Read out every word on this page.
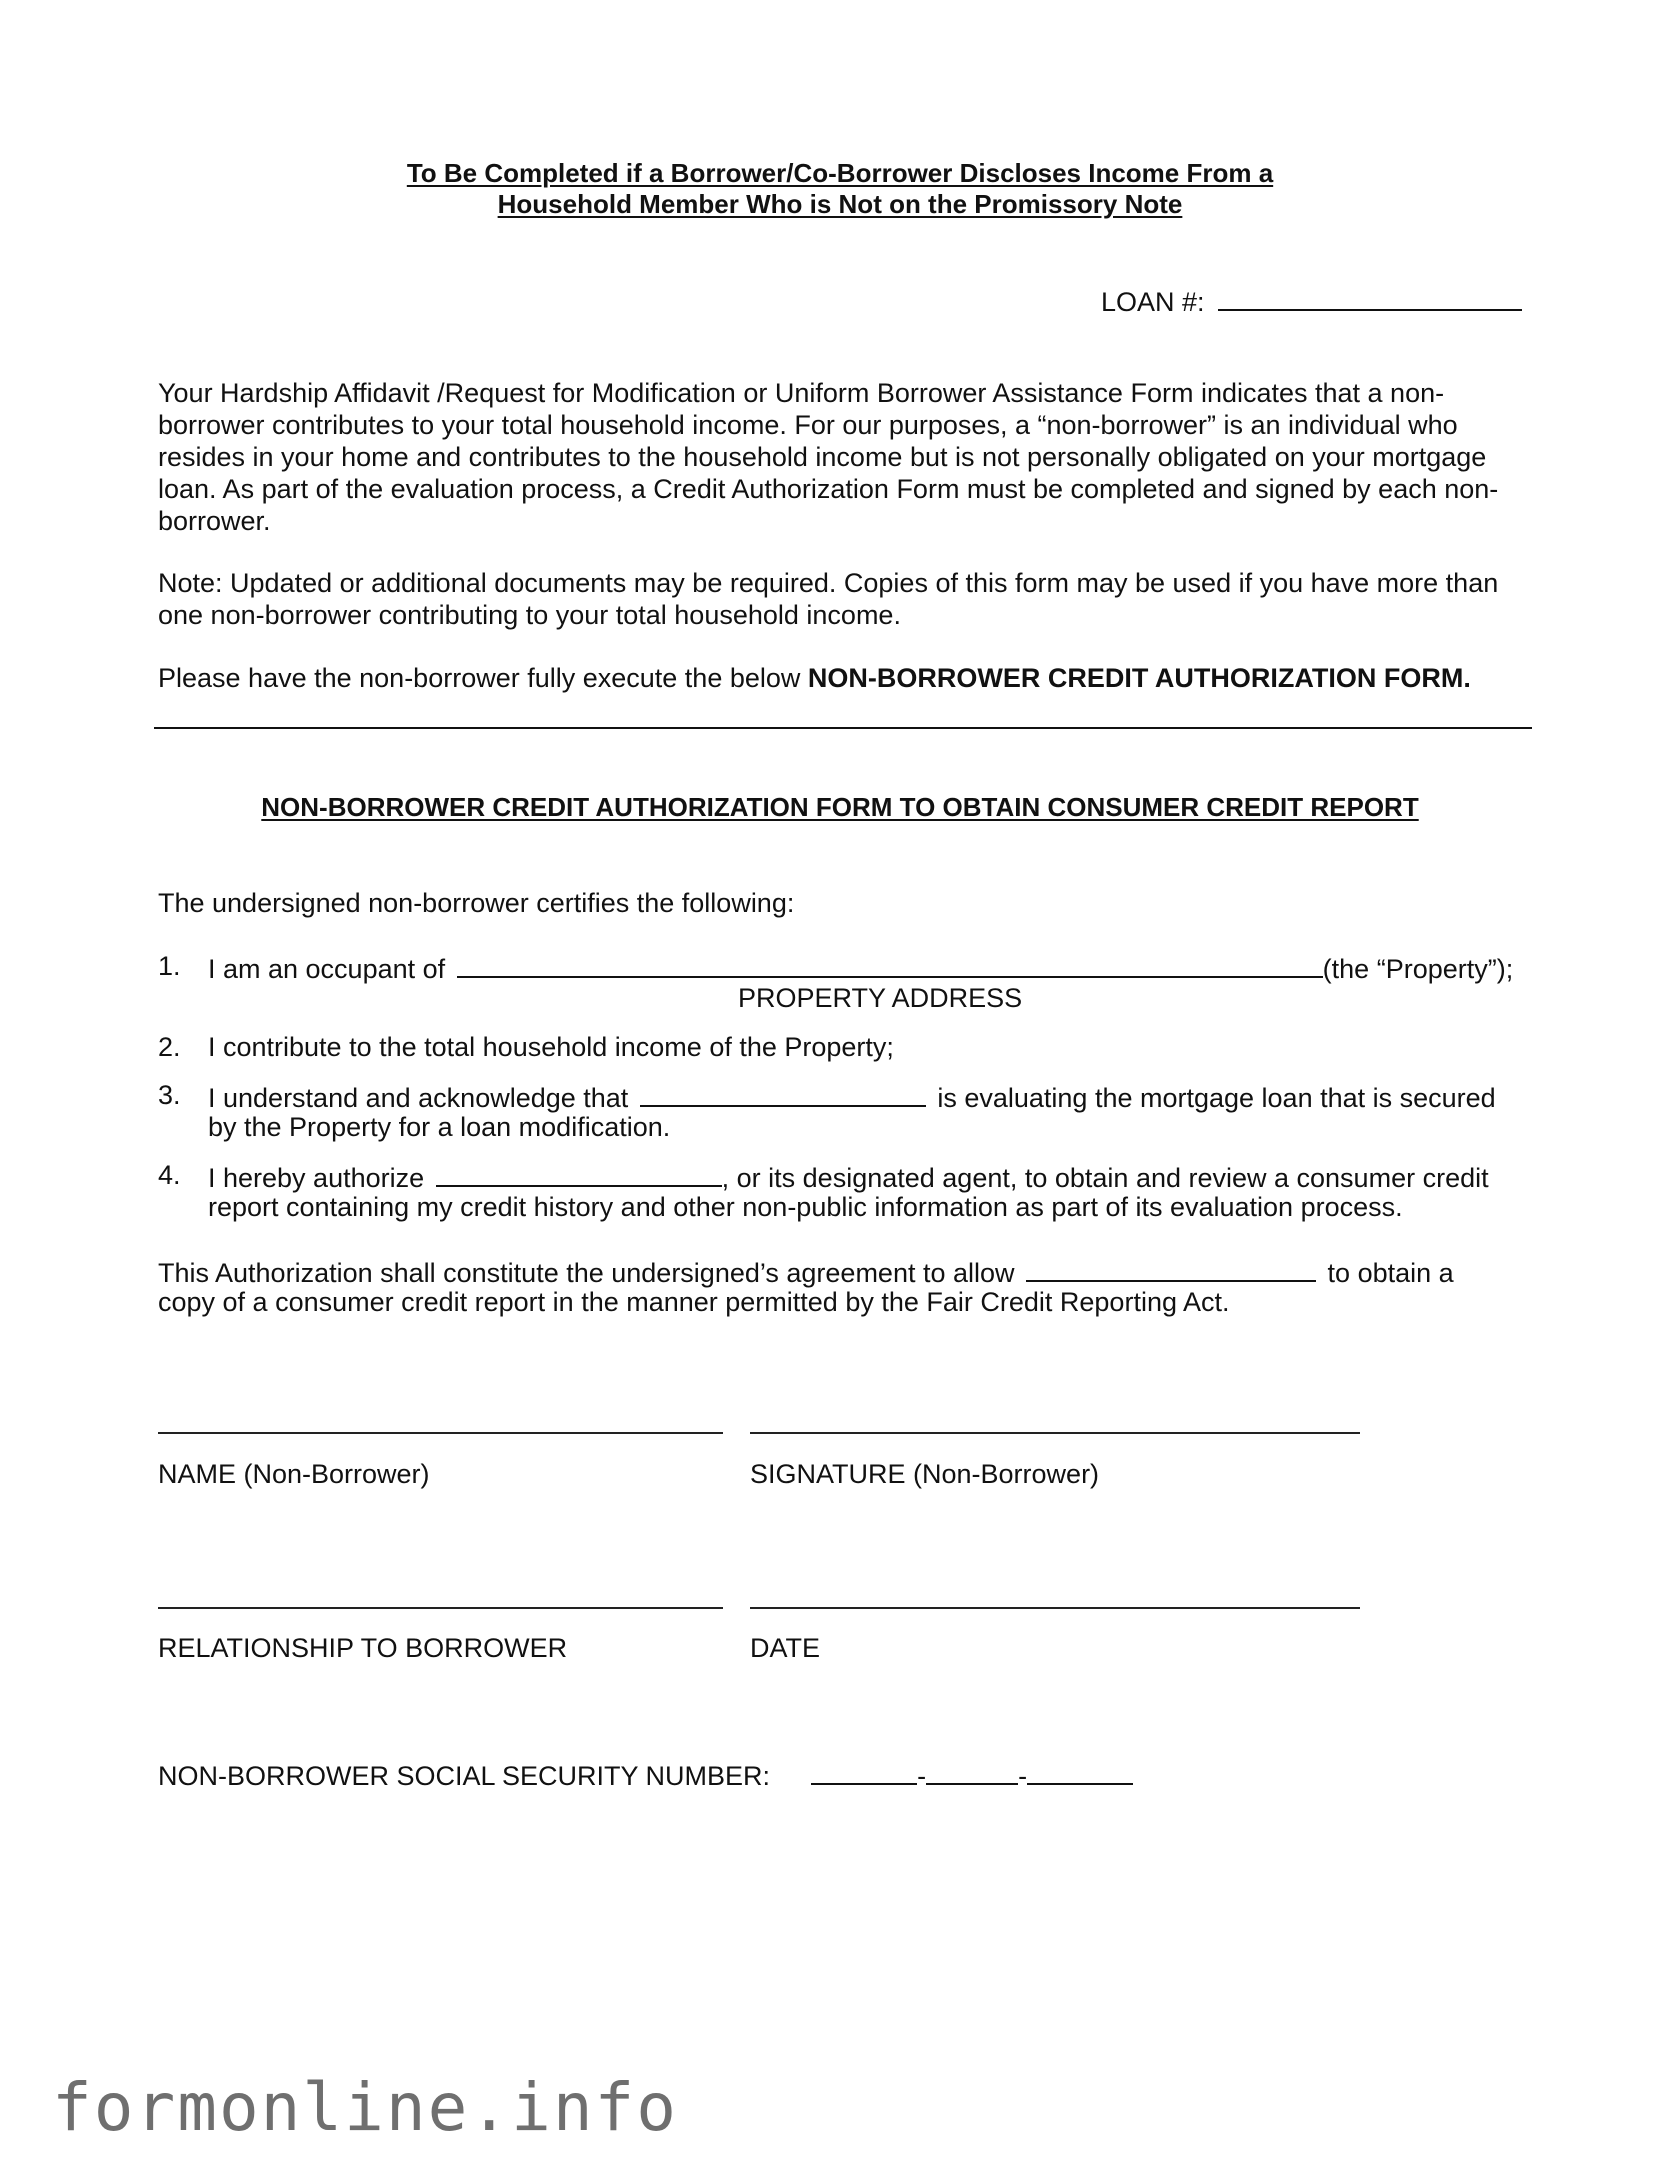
To Be Completed if a Borrower/Co-Borrower Discloses Income From a
Household Member Who is Not on the Promissory Note
LOAN #:
Your Hardship Affidavit /Request for Modification or Uniform Borrower Assistance Form indicates that a non-borrower contributes to your total household income. For our purposes, a “non-borrower” is an individual who resides in your home and contributes to the household income but is not personally obligated on your mortgage loan. As part of the evaluation process, a Credit Authorization Form must be completed and signed by each non-borrower.
Note: Updated or additional documents may be required. Copies of this form may be used if you have more than one non-borrower contributing to your total household income.
Please have the non-borrower fully execute the below NON-BORROWER CREDIT AUTHORIZATION FORM.
NON-BORROWER CREDIT AUTHORIZATION FORM TO OBTAIN CONSUMER CREDIT REPORT
The undersigned non-borrower certifies the following:
1. I am an occupant of	(the “Property”);
PROPERTY ADDRESS
2. I contribute to the total household income of the Property;
3. I understand and acknowledge that	is evaluating the mortgage loan that is secured
by the Property for a loan modification.
4. I hereby authorize	, or its designated agent, to obtain and review a consumer credit
report containing my credit history and other non-public information as part of its evaluation process.
This Authorization shall constitute the undersigned’s agreement to allow	to obtain a
copy of a consumer credit report in the manner permitted by the Fair Credit Reporting Act.
NAME (Non-Borrower)	SIGNATURE (Non-Borrower)
RELATIONSHIP TO BORROWER	DATE
NON-BORROWER SOCIAL SECURITY NUMBER:	-	-
formonline.info
